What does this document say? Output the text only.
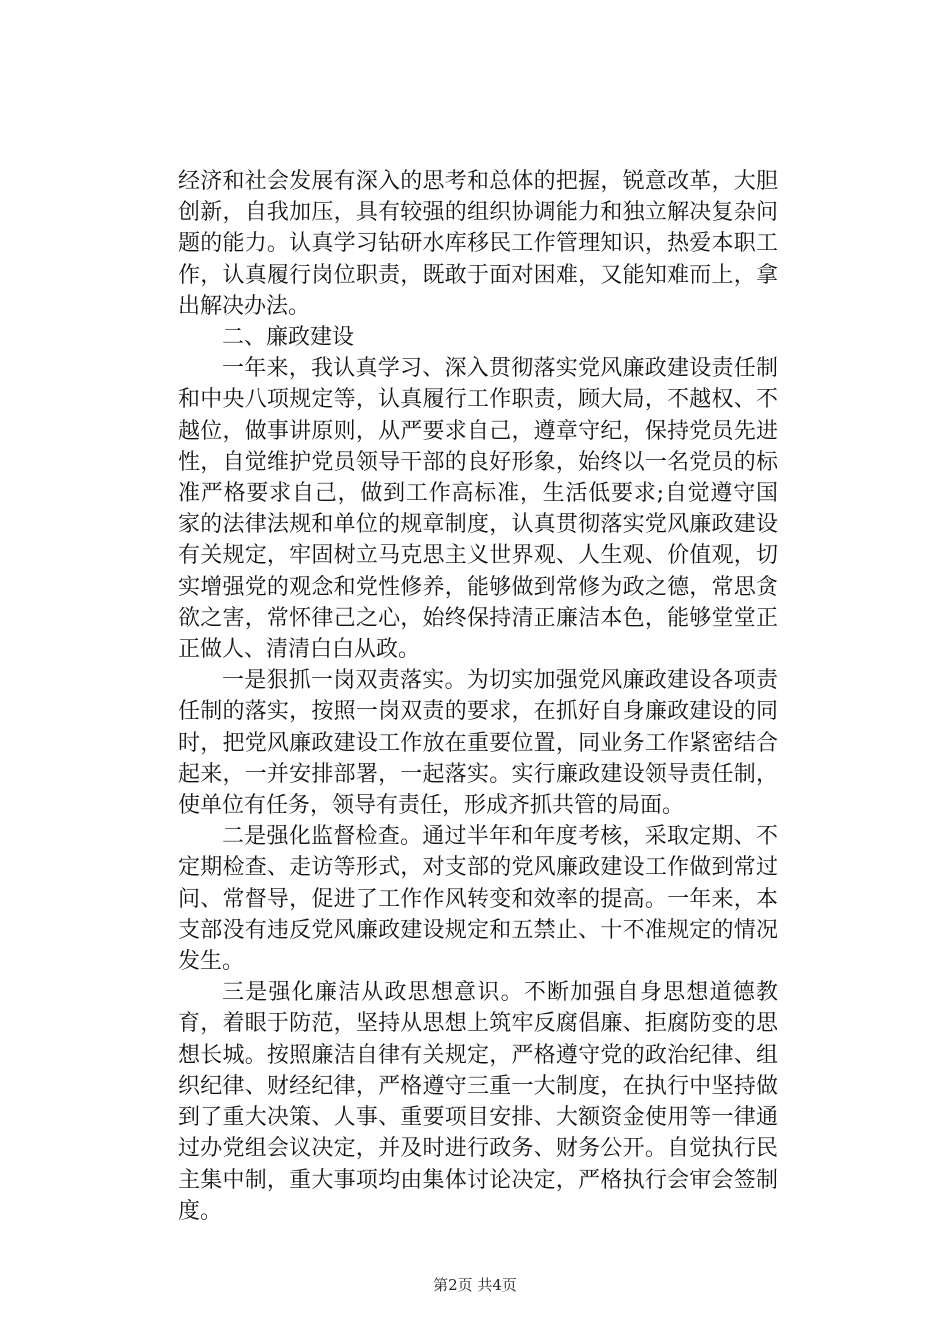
经济和社会发展有深入的思考和总体的把握，锐意改革，大胆创新，自我加压，具有较强的组织协调能力和独立解决复杂问题的能力。认真学习钻研水库移民工作管理知识，热爱本职工作，认真履行岗位职责，既敢于面对困难，又能知难而上，拿出解决办法。

二、廉政建设

一年来，我认真学习、深入贯彻落实党风廉政建设责任制和中央八项规定等，认真履行工作职责，顾大局，不越权、不越位，做事讲原则，从严要求自己，遵章守纪，保持党员先进性，自觉维护党员领导干部的良好形象，始终以一名党员的标准严格要求自己，做到工作高标准，生活低要求;自觉遵守国家的法律法规和单位的规章制度，认真贯彻落实党风廉政建设有关规定，牢固树立马克思主义世界观、人生观、价值观，切实增强党的观念和党性修养，能够做到常修为政之德，常思贪欲之害，常怀律己之心，始终保持清正廉洁本色，能够堂堂正正做人、清清白白从政。

一是狠抓一岗双责落实。为切实加强党风廉政建设各项责任制的落实，按照一岗双责的要求，在抓好自身廉政建设的同时，把党风廉政建设工作放在重要位置，同业务工作紧密结合起来，一并安排部署，一起落实。实行廉政建设领导责任制，使单位有任务，领导有责任，形成齐抓共管的局面。

二是强化监督检查。通过半年和年度考核，采取定期、不定期检查、走访等形式，对支部的党风廉政建设工作做到常过问、常督导，促进了工作作风转变和效率的提高。一年来，本支部没有违反党风廉政建设规定和五禁止、十不准规定的情况发生。

三是强化廉洁从政思想意识。不断加强自身思想道德教育，着眼于防范，坚持从思想上筑牢反腐倡廉、拒腐防变的思想长城。按照廉洁自律有关规定，严格遵守党的政治纪律、组织纪律、财经纪律，严格遵守三重一大制度，在执行中坚持做到了重大决策、人事、重要项目安排、大额资金使用等一律通过办党组会议决定，并及时进行政务、财务公开。自觉执行民主集中制，重大事项均由集体讨论决定，严格执行会审会签制度。

第2页 共4页
